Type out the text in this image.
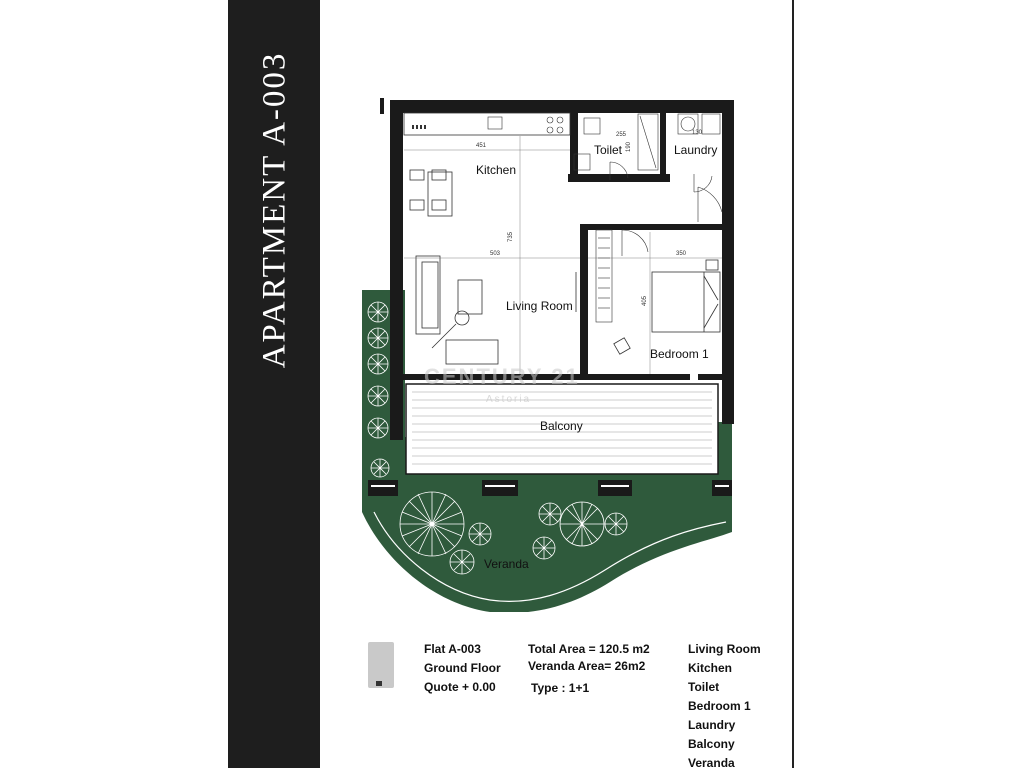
APARTMENT A-003	451
735
503
255	130
350
405
190
Kitchen
Toilet	Laundry
Living Room
Bedroom 1
Balcony
Veranda
CENTURY 21
Astoria
Flat A-003
Ground Floor
Quote + 0.00
Total Area = 120.5 m2
Veranda Area= 26m2
Type : 1+1
Living Room
Kitchen
Toilet
Bedroom 1
Laundry
Balcony
Veranda
